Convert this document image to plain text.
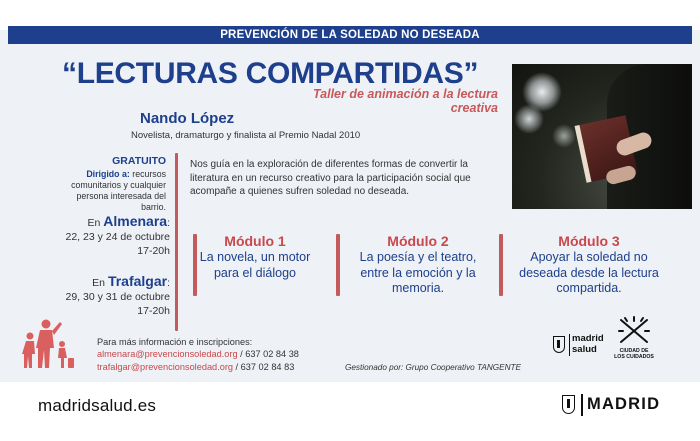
PREVENCIÓN DE LA SOLEDAD NO DESEADA
“LECTURAS COMPARTIDAS”
Taller de animación a la lectura creativa
Nando López
Novelista, dramaturgo y finalista al Premio Nadal 2010
GRATUITO
Dirigido a: recursos comunitarios y cualquier persona interesada del barrio.
En Almenara:
22, 23 y 24 de octubre
17-20h
En Trafalgar:
29, 30 y 31 de octubre
17-20h
Nos guía en la exploración de diferentes formas de convertir la literatura en un recurso creativo para la participación social que acompañe a quienes sufren soledad no deseada.
Módulo 1
La novela, un motor para el diálogo
Módulo 2
La poesía y el teatro, entre la emoción y la memoria.
Módulo 3
Apoyar la soledad no deseada desde la lectura compartida.
Para más información e inscripciones:
almenara@prevencionsoledad.org / 637 02 84 38
trafalgar@prevencionsoledad.org / 637 02 84 83	Gestionado por: Grupo Cooperativo TANGENTE
madrid
salud	CIUDAD DE
LOS CUIDADOS
madridsalud.es	MADRID
